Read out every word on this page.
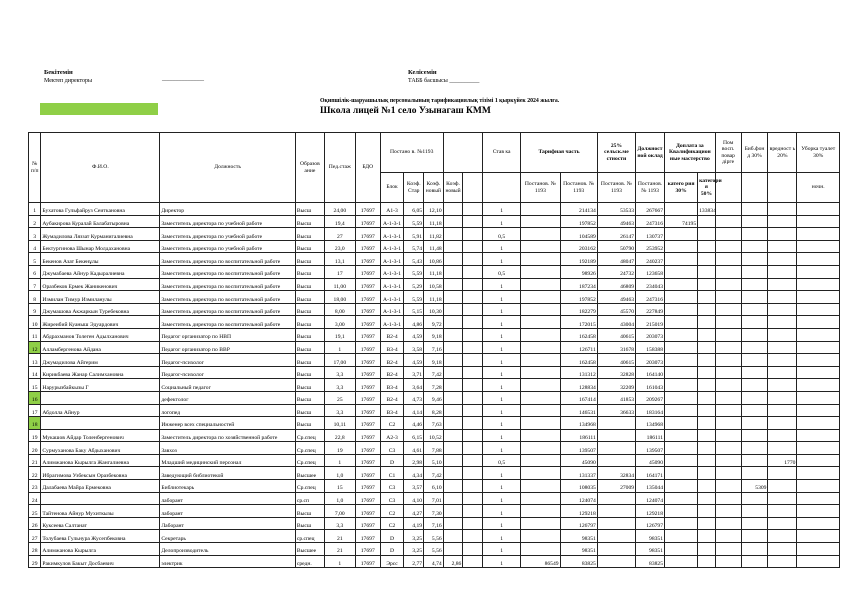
Бекітемін
Мектеп директоры	______________
Келісемін
ТАББ басшысы __________
Оқипшілік-шаруашылық персоналының тарификациялық тізімі 1 қыркүйек 2024 жылға.
Школа лицей №1 село Узынагаш КММ
№ п/п	Ф.И.О.	Должность	Образов ание	Пед.стаж	БДО	Постано в. №1193					Став ка	Тарифная часть		25% сельск.ме стности	Должност ной оклад	Доплата за Квалификацион ные мастерство		Пом восп. повар дірге	Биб.фон д 30%	вредност ь 20%	Уборка туалет 30%
						Блок	Коэф. Стар	Коэф. новый	Коэф. новый			Постанов. № 1193	Постанов. № 1193	Постанов. № 1193	Постанов. № 1193	катего рия 30%	категори я 50%				ночн.
1	Бухатова Гульфайруз Сеиткановна	Директор	Высш	24,00	17697	А1-3	6,05	12,10			1		214134	53533	267667		133834				
2	Аубакирова Куралай Балабатыровна	Заместитель директора по учебной работе	Высш	19,4	17697	А-1-3-1	5,59	11,18			1		197852	49463	247316	74195					
3	Жумадилова Ляззат Курманигалиевна	Заместитель директора по учебной работе	Высш	27	17697	А-1-3-1	5,91	11,82			0,5		104589	26147	130737						
4	Бектургинова Шынар Молдахановна	Заместитель директора по учебной работе	Высш	23,0	17697	А-1-3-1	5,74	11,48			1		203162	50790	253952						
5	Бекенов Азат Бекенұлы	Заместитель директора по воспитательной работе	Высш	13,1	17697	А-1-3-1	5,43	10,86			1		192189	48047	240237						
6	Джумабаева Айнур Кадыралиевна	Заместитель директора по воспитательной работе	Высш	17	17697	А-1-3-1	5,59	11,18			0,5		98926	24732	123658						
7	Оразбеков Ермек Жаникенович	Заместитель директора по воспитательной работе	Высш	11,00	17697	А-1-3-1	5,29	10,58			1		187234	46809	234043						
8	Измилан Тимур Измиланулы	Заместитель директора по воспитательной работе	Высш	18,00	17697	А-1-3-1	5,59	11,18			1		197852	49463	247316						
9	Джумашова Акжаркын Туребековна	Заместитель директора по воспитательной работе	Высш	8,00	17697	А-1-3-1	5,15	10,30			1		182279	45570	227849						
10	Жиреибий Куаныш Эдуардович	Заместитель директора по воспитательной работе	Высш	3,00	17697	А-1-3-1	4,86	9,72			1		172015	43004	215019						
11	Абдрахманов Толеген Адылханович	Педагог организатор по НВП	Высш	19,1	17697	В2-4	4,59	9,18			1		162458	40615	203073						
12	Алламбергенова Айдана	Педагог организатор по ВВР	Высш	1	17697	В3-4	3,58	7,16			1		126711	31678	158388						
13	Джумадилова Айгерим	Педагог-психолог	Высш	17,00	17697	В2-4	4,59	9,18			1		162458	40615	203073						
14	Кирикбаева Жанар Салимхановна	Педагог-психолог	Высш	3,3	17697	В2-4	3,71	7,42			1		131312	32828	164140						
15	Нарурызбайкызы Г	Социальный педагог	Высш	3,3	17697	В3-4	3,64	7,28			1		128834	32209	161043						
16		дефектолог	Высш	25	17697	В2-4	4,73	9,46			1		167414	41853	209267						
17	Абдолла Айнур	логопед	Высш	3,3	17697	В3-4	4,14	8,28			1		146531	36633	183164						
18		Инженер всех специальностей	Высш	10,11	17697	С2	4,46	7,63			1		134968		134968						
19	Мукашов Айдар Толенбергенович	Заместитель директора по хозяйственной работе	Ср.спец	22,8	17697	А2-3	6,15	10,52			1		186111		186111						
20	Сурмуханова Баку Абдыханович	Завхоз	Ср.спец	19	17697	С3	4,61	7,88			1		139507		139507						
21	Алимжанова Кырылга Жангалиевна	Младший медицинский персонал	Ср.спец	1	17697	D	2,98	5,10			0,5		45090		45090					1770	
22	Ибрагимова Узбексын Оразбековна	Заведующий библиотекой	Высшее	1,0	17697	С1	4,34	7,42			1		131337	32834	164171						
23	Далабаева Майра Ермековна	Библиотекарь	Ср.спец	15	17697	С3	3,57	6,10			1		108035	27009	135044				5309		
24		лаборант	ср.сп	1,0	17697	С3	4,10	7,01			1		124074		124074						
25	Тайтенова Айнур Мухиткызы	лаборант	Высш	7,00	17697	С2	4,27	7,30			1		129218		129218						
26	Куксеева Салтанат	Лаборант	Высш	3,3	17697	С2	4,19	7,16			1		126797		126797						
27	Толубаева Гульнура Жусепбековна	Секретарь	ср.спец	21	17697	D	3,25	5,56			1		98351		98351						
28	Алимжанова Кырылга	Делопроизводитель	Высшее	21	17697	D	3,25	5,56			1		98351		98351						
29	Ракимкулов Бакыт Досбаевич	электрик	средн.	1	17697	Эрсс	2,77	4,74	2,86		1	86549	83825		83825						
